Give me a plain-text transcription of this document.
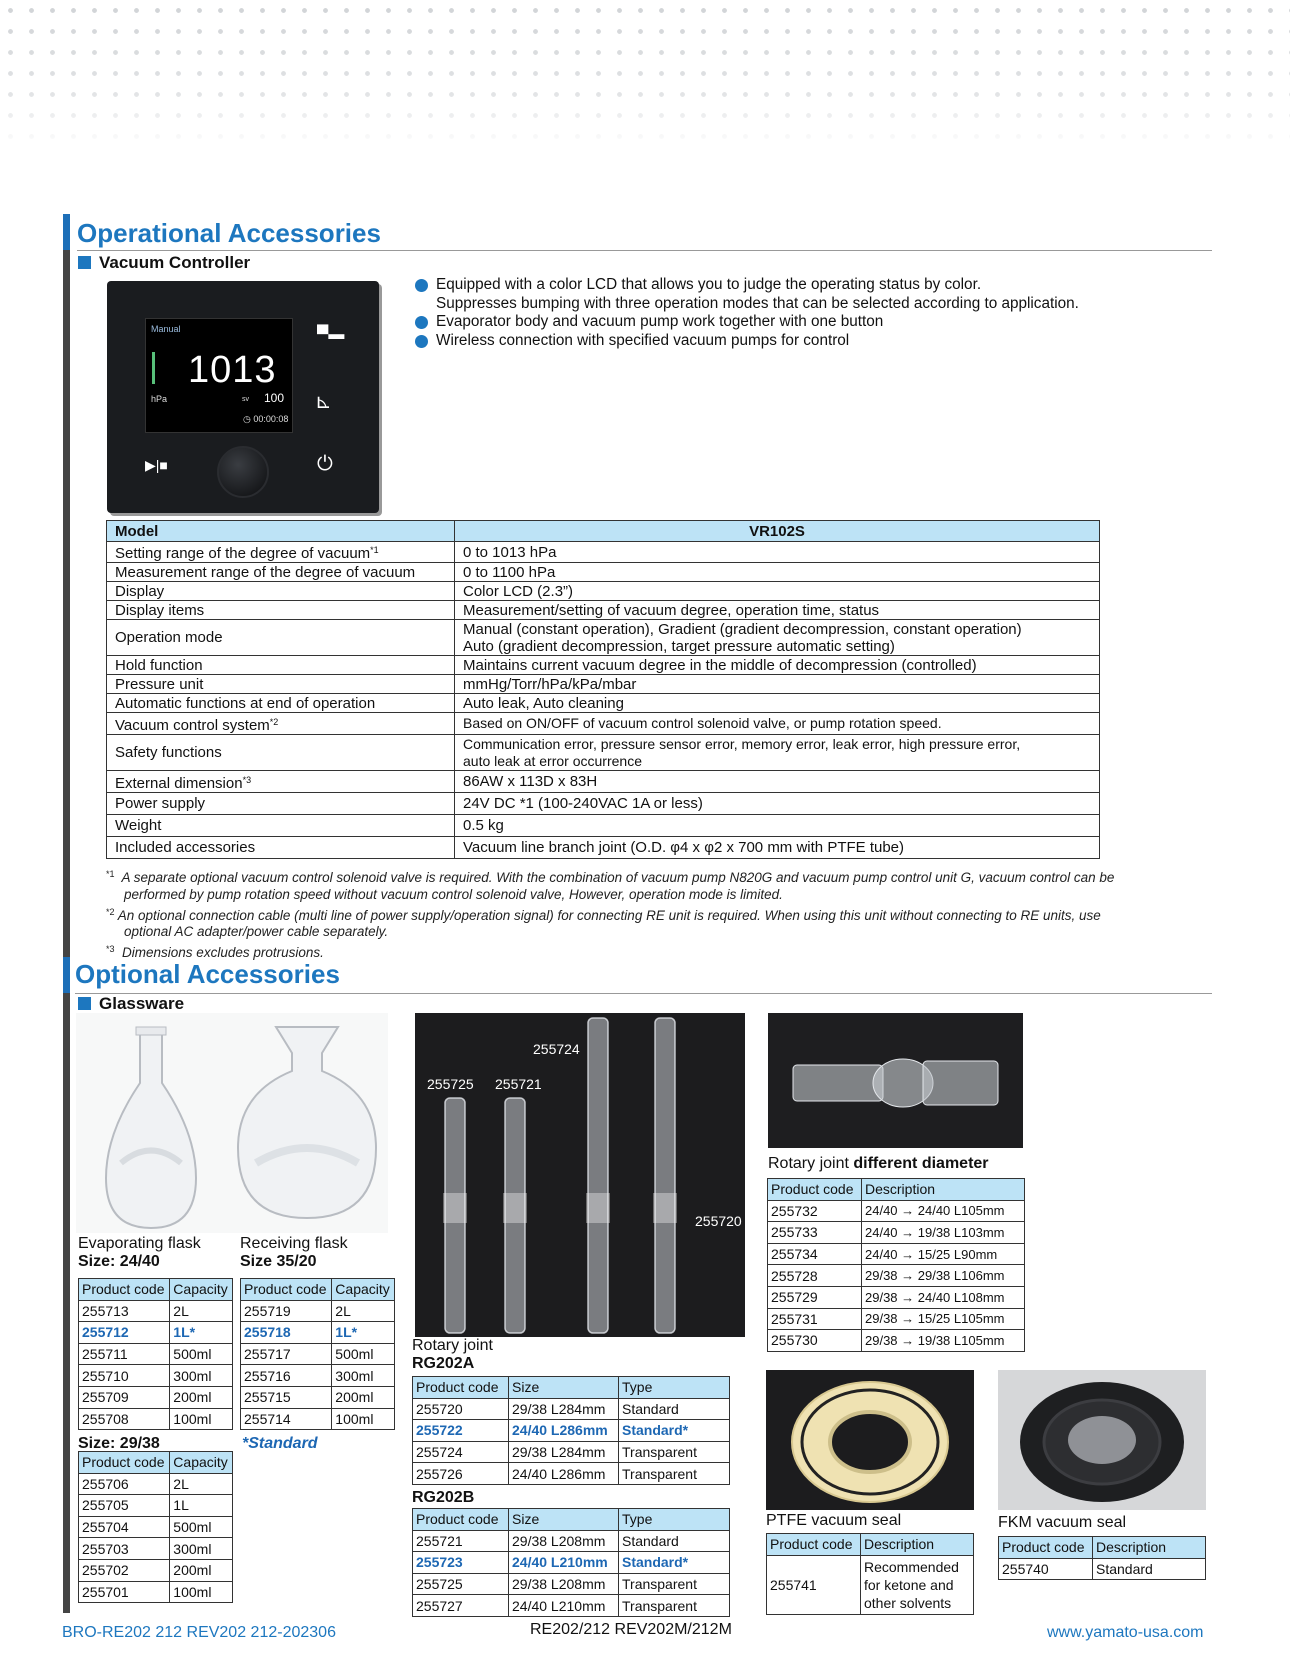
Operational Accessories
Vacuum Controller
Manual
1013
hPa	sv 100
◷ 00:00:08
▀▬
⊾
▶|■	⏻
Equipped with a color LCD that allows you to judge the operating status by color.
Suppresses bumping with three operation modes that can be selected according to application.
Evaporator body and vacuum pump work together with one button
Wireless connection with specified vacuum pumps for control
Model	VR102S
Setting range of the degree of vacuum$^{*1}$	0 to 1013 hPa
Measurement range of the degree of vacuum	0 to 1100 hPa
Display	Color LCD (2.3”)
Display items	Measurement/setting of vacuum degree, operation time, status
Operation mode	Manual (constant operation), Gradient (gradient decompression, constant operation)
Auto (gradient decompression, target pressure automatic setting)
Hold function	Maintains current vacuum degree in the middle of decompression (controlled)
Pressure unit	mmHg/Torr/hPa/kPa/mbar
Automatic functions at end of operation	Auto leak, Auto cleaning
Vacuum control system$^{*2}$	Based on ON/OFF of vacuum control solenoid valve, or pump rotation speed.
Safety functions	Communication error, pressure sensor error, memory error, leak error, high pressure error,
auto leak at error occurrence
External dimension$^{*3}$	86AW x 113D x 83H
Power supply	24V DC *1 (100-240VAC 1A or less)
Weight	0.5 kg
Included accessories	Vacuum line branch joint (O.D. φ4 x φ2 x 700 mm with PTFE tube)

$^{*1}$ A separate optional vacuum control solenoid valve is required. With the combination of vacuum pump N820G and vacuum pump control unit G, vacuum control can be performed by pump rotation speed without vacuum control solenoid valve, However, operation mode is limited.

$^{*2}$ An optional connection cable (multi line of power supply/operation signal) for connecting RE unit is required. When using this unit without connecting to RE units, use optional AC adapter/power cable separately.

$^{*3}$ Dimensions excludes protrusions.

Optional Accessories
Glassware
Evaporating flask
Size: 24/40
Receiving flask
Size 35/20
Product code	Capacity
255713	2L
255712	1L*
255711	500ml
255710	300ml
255709	200ml
255708	100ml
Product code	Capacity
255719	2L
255718	1L*
255717	500ml
255716	300ml
255715	200ml
255714	100ml
Size: 29/38	*Standard
Product code	Capacity
255706	2L
255705	1L
255704	500ml
255703	300ml
255702	200ml
255701	100ml
255724
255725 255721
255720
Rotary joint
RG202A
Product code	Size	Type
255720	29/38 L284mm	Standard
255722	24/40 L286mm	Standard*
255724	29/38 L284mm	Transparent
255726	24/40 L286mm	Transparent
RG202B
Product code	Size	Type
255721	29/38 L208mm	Standard
255723	24/40 L210mm	Standard*
255725	29/38 L208mm	Transparent
255727	24/40 L210mm	Transparent
Rotary joint different diameter
Product code	Description
255732	24/40 → 24/40 L105mm
255733	24/40 → 19/38 L103mm
255734	24/40 → 15/25 L90mm
255728	29/38 → 29/38 L106mm
255729	29/38 → 24/40 L108mm
255731	29/38 → 15/25 L105mm
255730	29/38 → 19/38 L105mm
PTFE vacuum seal	FKM vacuum seal
Product code	Description
255741	Recommended
for ketone and
other solvents
Product code	Description
255740	Standard
BRO-RE202 212 REV202 212-202306	RE202/212 REV202M/212M	www.yamato-usa.com
